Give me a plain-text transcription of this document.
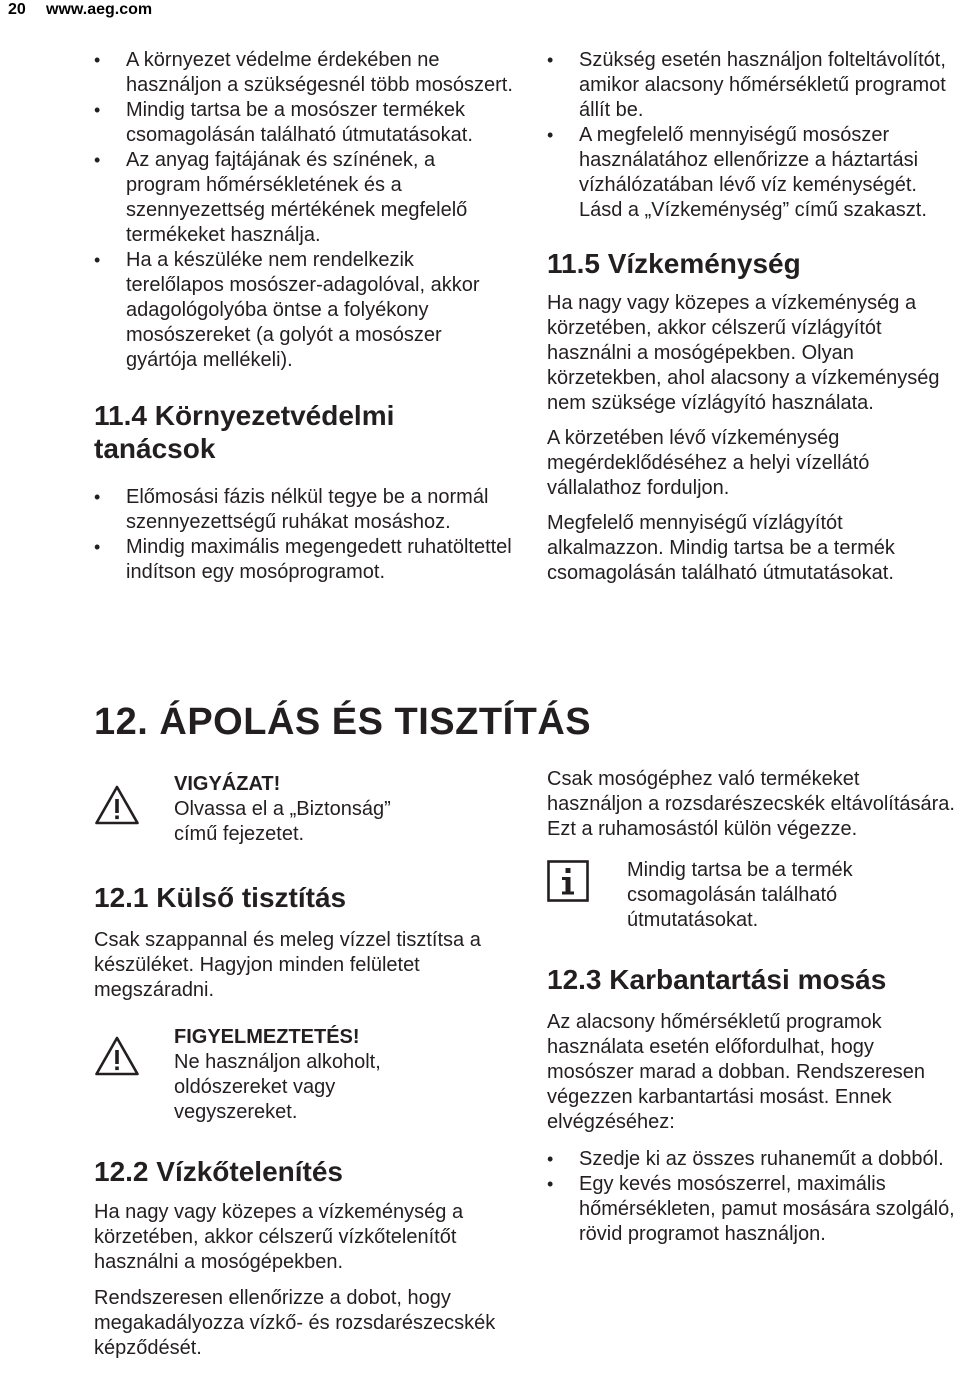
20 www.aeg.com
• A környezet védelme érdekében ne használjon a szükségesnél több mosószert.
• Mindig tartsa be a mosószer termékek csomagolásán található útmutatásokat.
• Az anyag fajtájának és színének, a program hőmérsékletének és a szennyezettség mértékének megfelelő termékeket használja.
• Ha a készüléke nem rendelkezik terelőlapos mosószer-adagolóval, akkor adagológolyóba öntse a folyékony mosószereket (a golyót a mosószer gyártója mellékeli).
11.4 Környezetvédelmi tanácsok
• Előmosási fázis nélkül tegye be a normál szennyezettségű ruhákat mosáshoz.
• Mindig maximális megengedett ruhatöltettel indítson egy mosóprogramot.
• Szükség esetén használjon folteltávolítót, amikor alacsony hőmérsékletű programot állít be.
• A megfelelő mennyiségű mosószer használatához ellenőrizze a háztartási vízhálózatában lévő víz keménységét. Lásd a „Vízkeménység” című szakaszt.
11.5 Vízkeménység

Ha nagy vagy közepes a vízkeménység a körzetében, akkor célszerű vízlágyítót használni a mosógépekben. Olyan körzetekben, ahol alacsony a vízkeménység nem szüksége vízlágyító használata.

A körzetében lévő vízkeménység megérdeklődéséhez a helyi vízellátó vállalathoz forduljon.

Megfelelő mennyiségű vízlágyítót alkalmazzon. Mindig tartsa be a termék csomagolásán található útmutatásokat.

12. ÁPOLÁS ÉS TISZTÍTÁS
VIGYÁZAT!
Olvassa el a „Biztonság” című fejezetet.
12.1 Külső tisztítás

Csak szappannal és meleg vízzel tisztítsa a készüléket. Hagyjon minden felületet megszáradni.

FIGYELMEZTETÉS!
Ne használjon alkoholt, oldószereket vagy vegyszereket.
12.2 Vízkőtelenítés

Ha nagy vagy közepes a vízkeménység a körzetében, akkor célszerű vízkőtelenítőt használni a mosógépekben.

Rendszeresen ellenőrizze a dobot, hogy megakadályozza vízkő- és rozsdarészecskék képződését.

Csak mosógéphez való termékeket használjon a rozsdarészecskék eltávolítására. Ezt a ruhamosástól külön végezze.

Mindig tartsa be a termék csomagolásán található útmutatásokat.
12.3 Karbantartási mosás

Az alacsony hőmérsékletű programok használata esetén előfordulhat, hogy mosószer marad a dobban. Rendszeresen végezzen karbantartási mosást. Ennek elvégzéséhez:

• Szedje ki az összes ruhaneműt a dobból.
• Egy kevés mosószerrel, maximális hőmérsékleten, pamut mosására szolgáló, rövid programot használjon.
